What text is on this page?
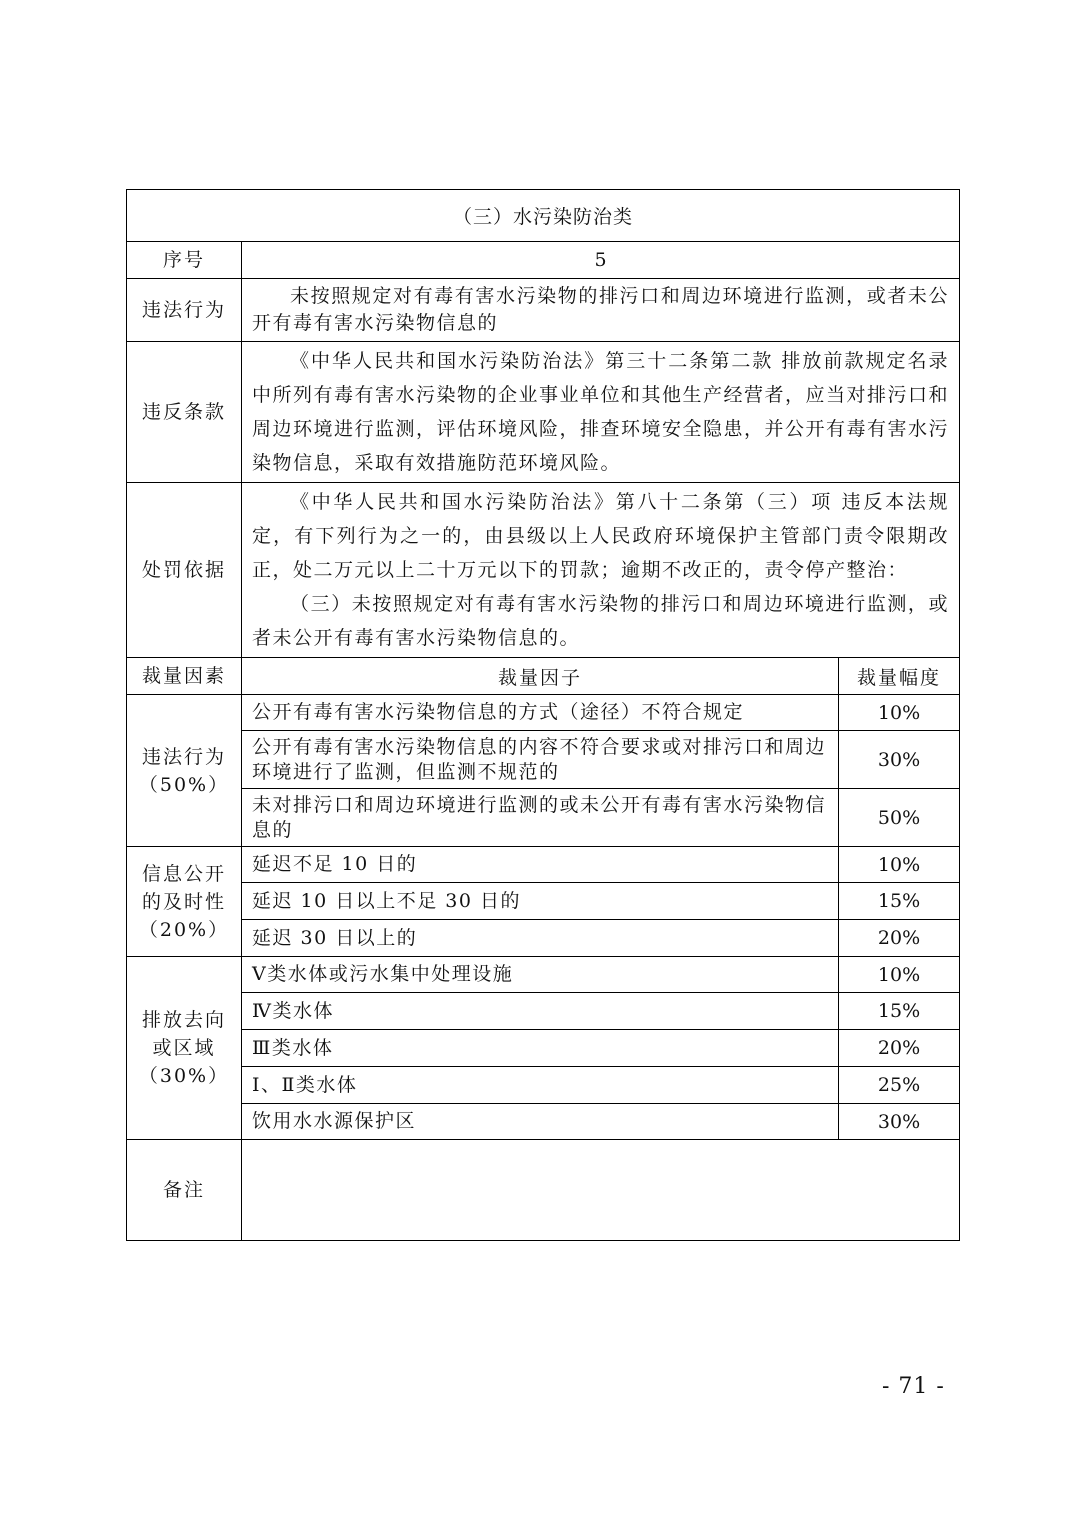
（三）水污染防治类		
序号	5	
违法行为	未按照规定对有毒有害水污染物的排污口和周边环境进行监测，或者未公开有毒有害水污染物信息的	

违反条款	《中华人民共和国水污染防治法》第三十二条第二款 排放前款规定名录中所列有毒有害水污染物的企业事业单位和其他生产经营者，应当对排污口和周边环境进行监测，评估环境风险，排查环境安全隐患，并公开有毒有害水污染物信息，采取有效措施防范环境风险。	

处罚依据	《中华人民共和国水污染防治法》第八十二条第（三）项 违反本法规定，有下列行为之一的，由县级以上人民政府环境保护主管部门责令限期改正，处二万元以上二十万元以下的罚款；逾期不改正的，责令停产整治：

（三）未按照规定对有毒有害水污染物的排污口和周边环境进行监测，或者未公开有毒有害水污染物信息的。	

裁量因素	裁量因子	裁量幅度

违法行为
（50%）	公开有毒有害水污染物信息的方式（途径）不符合规定	10%
	公开有毒有害水污染物信息的内容不符合要求或对排污口和周边环境进行了监测，但监测不规范的	30%
	未对排污口和周边环境进行监测的或未公开有毒有害水污染物信息的	50%

信息公开
的及时性
（20%）	延迟不足 10 日的	10%
	延迟 10 日以上不足 30 日的	15%
	延迟 30 日以上的	20%

排放去向
或区域
（30%）	Ⅴ类水体或污水集中处理设施	10%
	Ⅳ类水体	15%
	Ⅲ类水体	20%
	Ⅰ、Ⅱ类水体	25%
	饮用水水源保护区	30%
备注		
- 71 -
